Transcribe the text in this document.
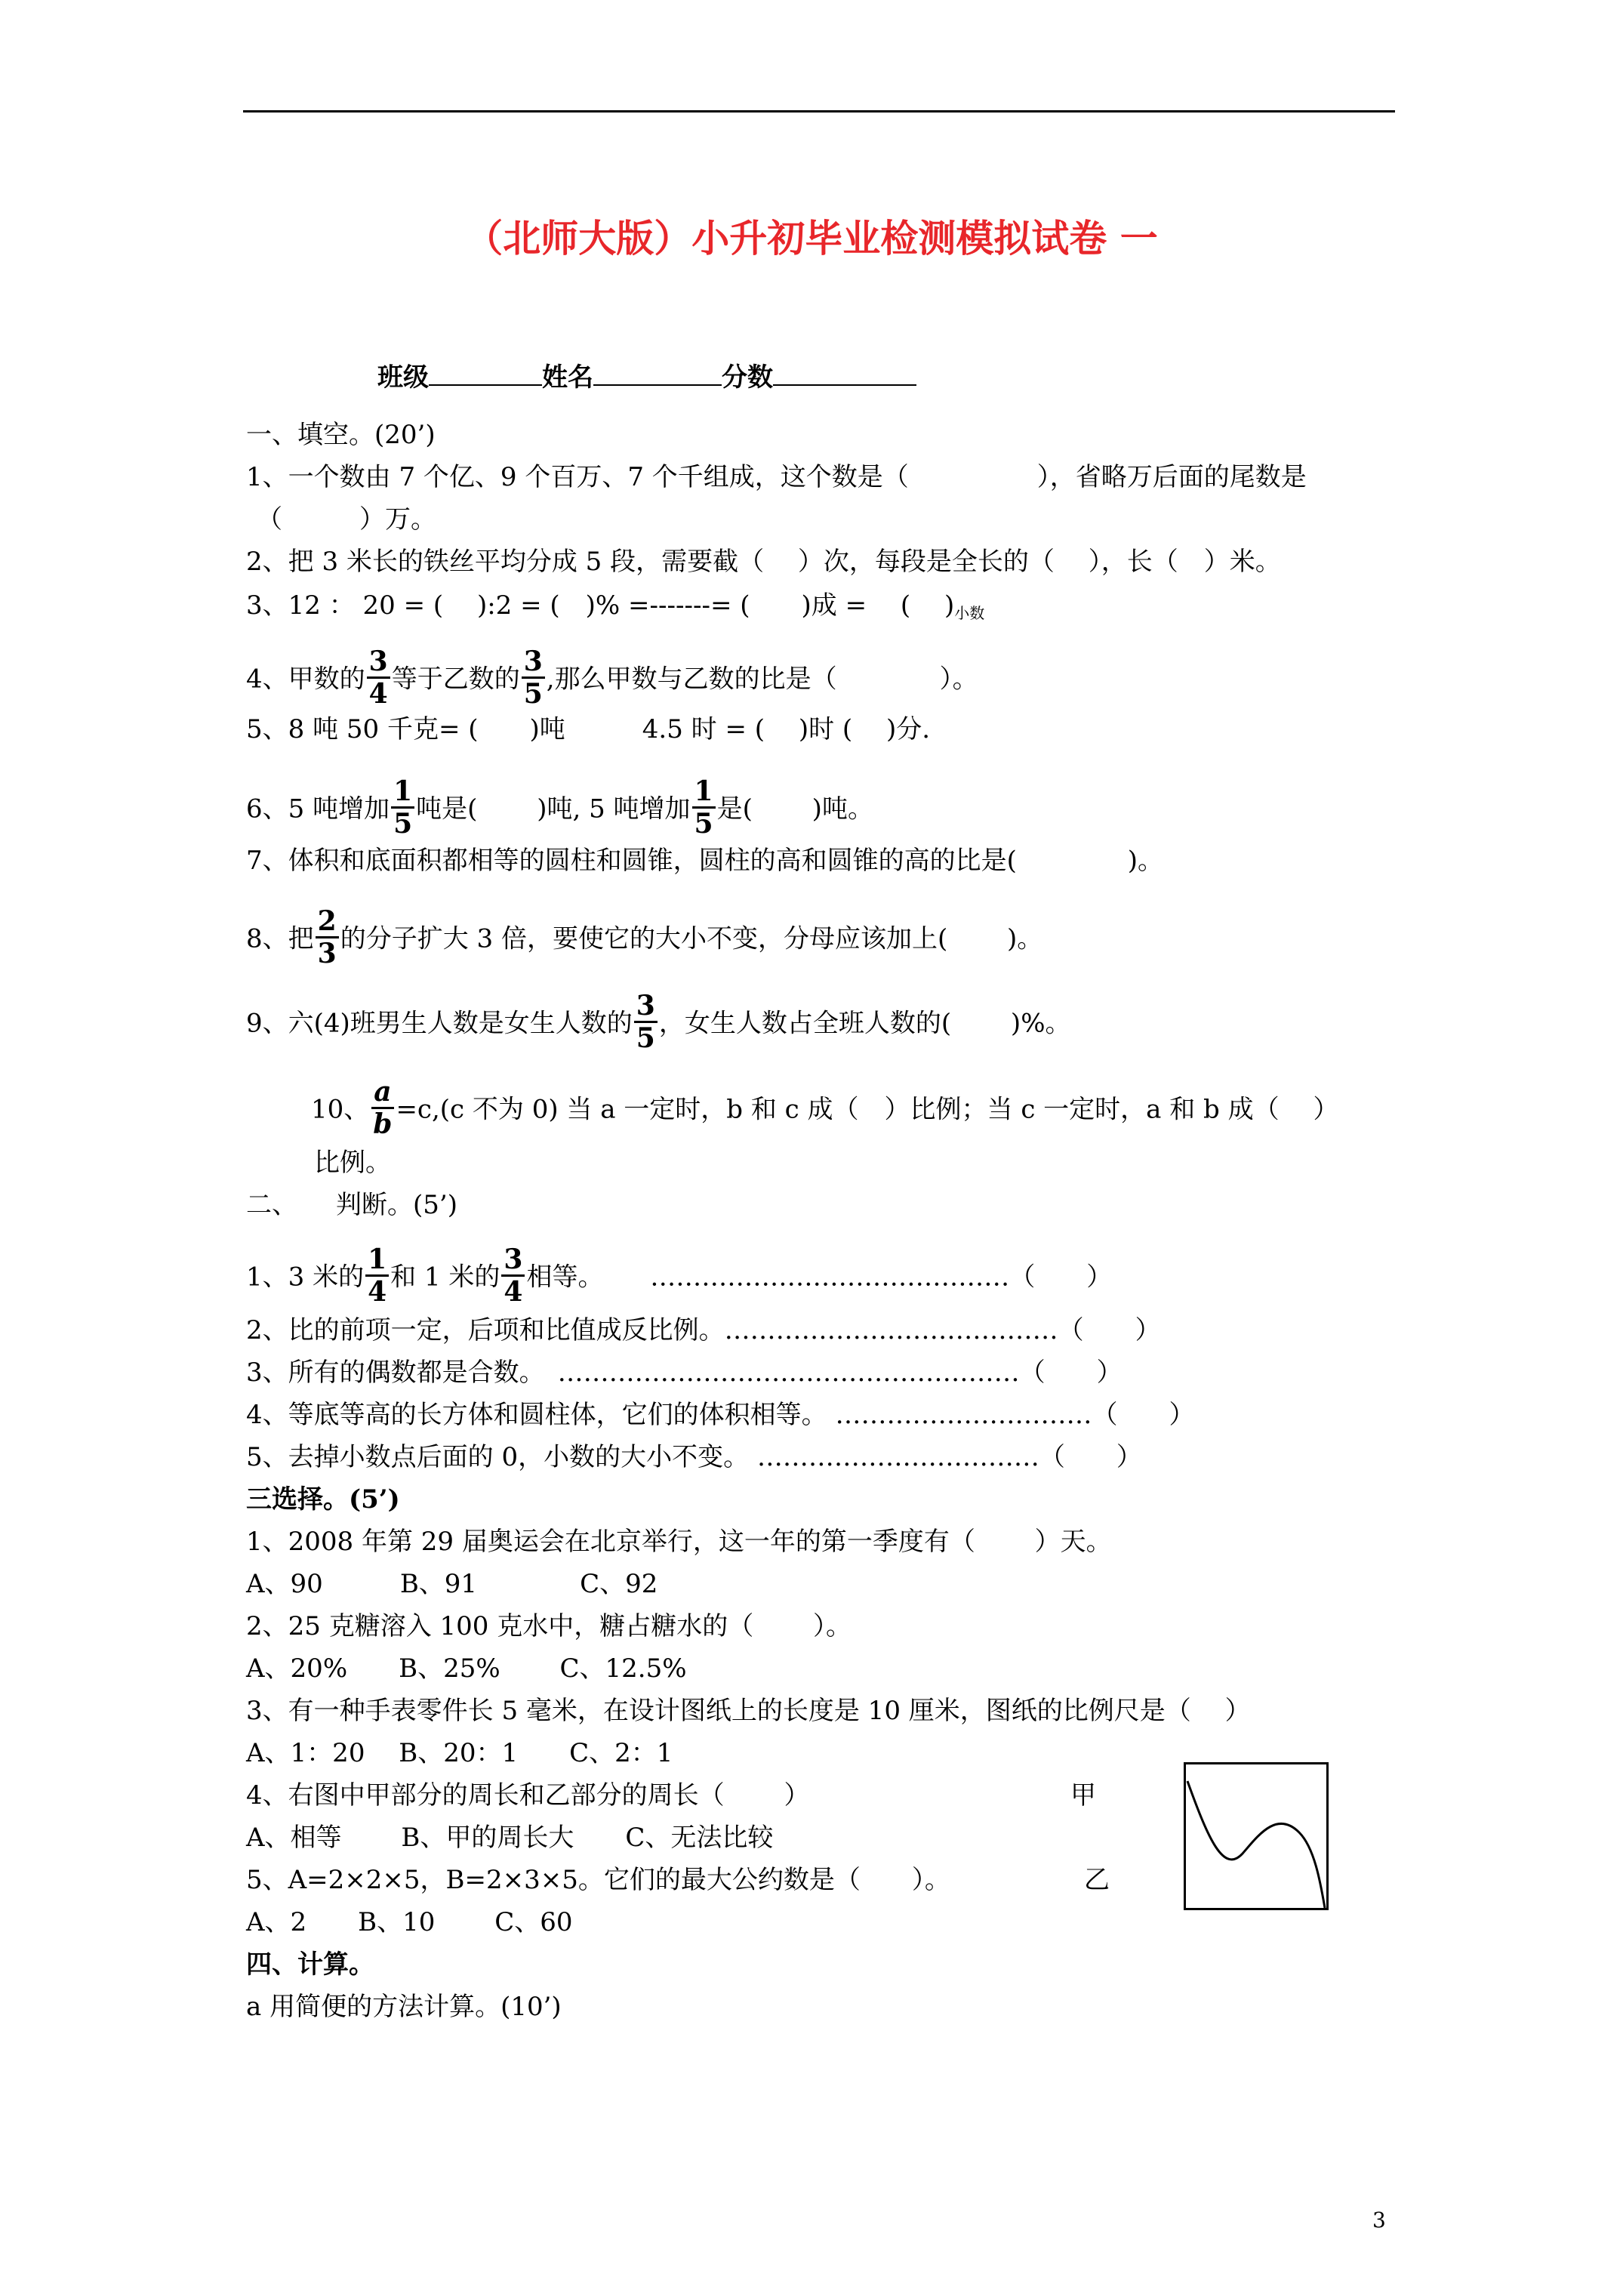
（北师大版）小升初毕业检测模拟试卷 一
班级	姓名	分数
一、填空。(20’)
1、一个数由 7 个亿、9 个百万、7 个千组成，这个数是（　　　　　），省略万后面的尾数是
（　　　）万。
2、把 3 米长的铁丝平均分成 5 段，需要截（　 ）次，每段是全长的（　 ），长（　）米。
3、12 ： 20 = (　 ):2 = (　)% =-------= (　　)成 = 　(　 )小数
4、甲数的 $\frac{3}{4}$ 等于乙数的 $\frac{3}{5}$ ,那么甲数与乙数的比是（　　　　）。
5、8 吨 50 千克= (　　)吨　　　4.5 时 = (　 )时 (　 )分.
6、5 吨增加 $\frac{1}{5}$ 吨是(　　 )吨, 5 吨增加 $\frac{1}{5}$ 是(　　 )吨。
7、体积和底面积都相等的圆柱和圆锥，圆柱的高和圆锥的高的比是(　　　　 )。
8、把 $\frac{2}{3}$ 的分子扩大 3 倍，要使它的大小不变，分母应该加上(　　 )。
9、六(4)班男生人数是女生人数的 $\frac{3}{5}$ ，女生人数占全班人数的(　　 )%。
10、 $\frac{a}{b} =c,(c$ 不为 0) 当 a 一定时，b 和 c 成（　）比例；当 c 一定时，a 和 b 成（　 ）
比例。
二、　　判断。(5’)
1、3 米的 $\frac{1}{4}$ 和 1 米的 $\frac{3}{4}$ 相等。　　 ……………………………………（　　）
2、比的前项一定，后项和比值成反比例。…………………………………（　　）
3、所有的偶数都是合数。　………………………………………………（　　）
4、等底等高的长方体和圆柱体，它们的体积相等。 …………………………（　　）
5、去掉小数点后面的 0，小数的大小不变。 ……………………………（　　）
三选择。(5’)
1、2008 年第 29 届奥运会在北京举行，这一年的第一季度有（　　 ）天。
A、90　　　B、91　　　　C、92
2、25 克糖溶入 100 克水中，糖占糖水的（　　 ）。
A、20%　　B、25%　　 C、12.5%
3、有一种手表零件长 5 毫米，在设计图纸上的长度是 10 厘米，图纸的比例尺是（　 ）
A、1：20　 B、20：1　　C、2：1
4、右图中甲部分的周长和乙部分的周长（　　 ）
A、相等　　 B、甲的周长大　　C、无法比较
5、A=2×2×5，B=2×3×5。它们的最大公约数是（　　）。
A、2　　B、10　　 C、60
甲
乙
四、计算。
a 用简便的方法计算。(10’)
3
